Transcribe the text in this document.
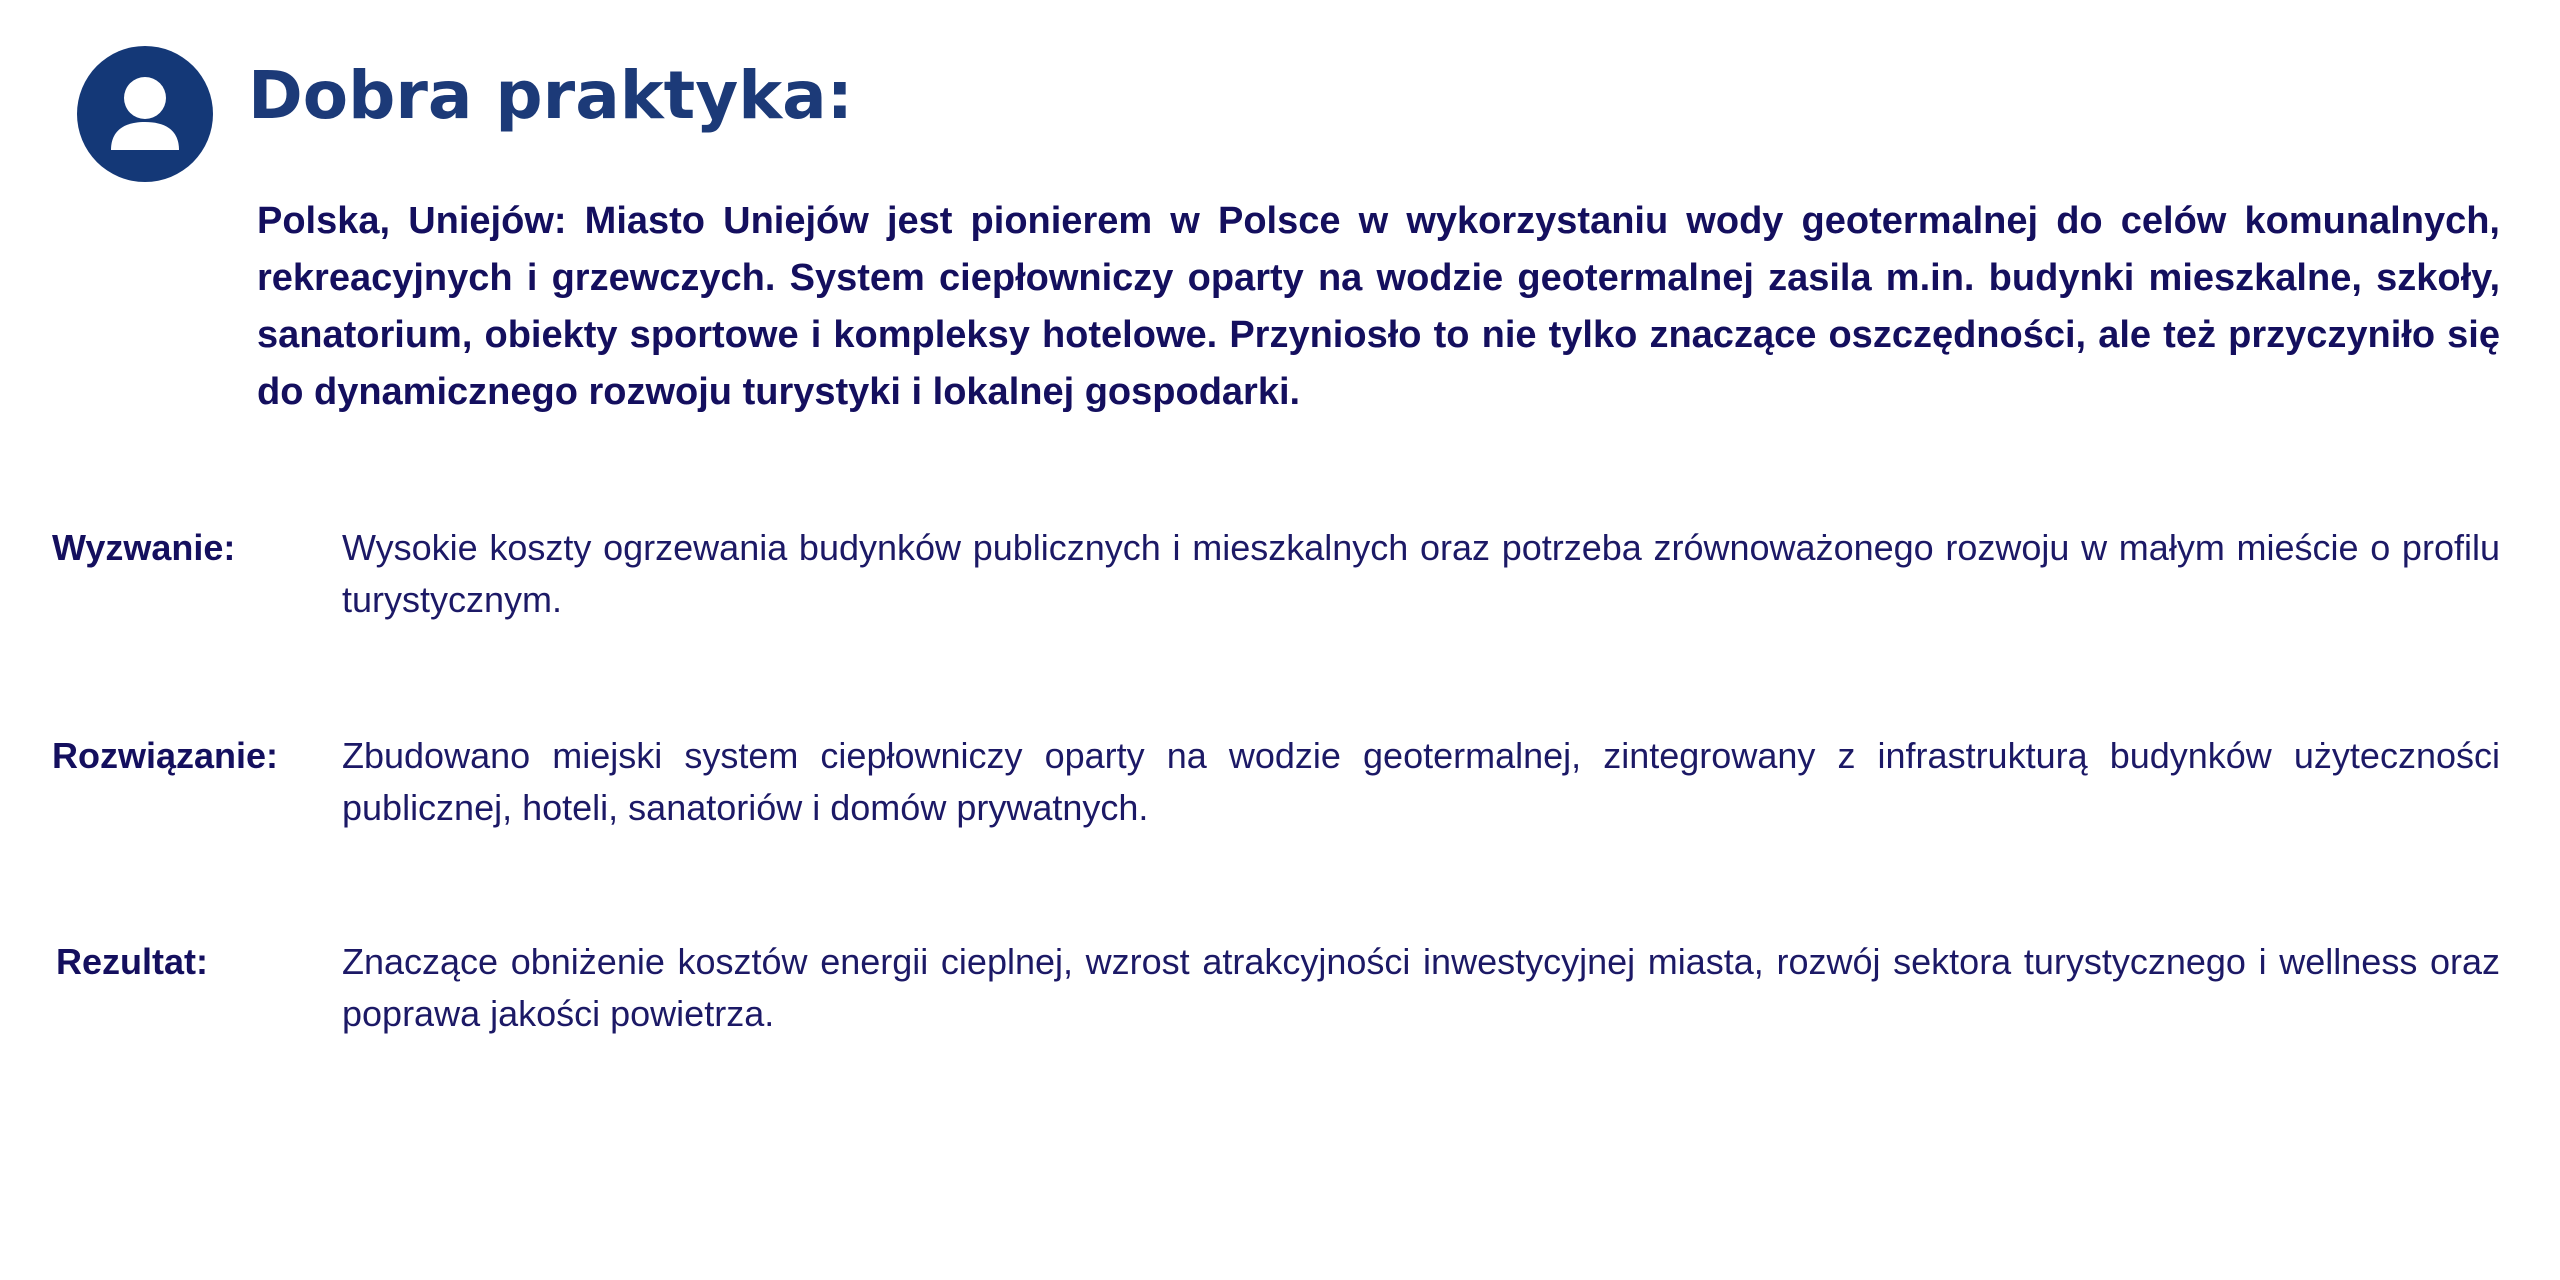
Dobra praktyka:

Polska, Uniejów: Miasto Uniejów jest pionierem w Polsce w wykorzystaniu wody geotermalnej do celów komunalnych, rekreacyjnych i grzewczych. System ciepłowniczy oparty na wodzie geotermalnej zasila m.in. budynki mieszkalne, szkoły, sanatorium, obiekty sportowe i kompleksy hotelowe. Przyniosło to nie tylko znaczące oszczędności, ale też przyczyniło się do dynamicznego rozwoju turystyki i lokalnej gospodarki.

Wyzwanie:	Wysokie koszty ogrzewania budynków publicznych i mieszkalnych oraz potrzeba zrównoważonego rozwoju w małym mieście o profilu turystycznym.

Rozwiązanie: Zbudowano miejski system ciepłowniczy oparty na wodzie geotermalnej, zintegrowany z infrastrukturą budynków użyteczności publicznej, hoteli, sanatoriów i domów prywatnych.

Rezultat:	Znaczące obniżenie kosztów energii cieplnej, wzrost atrakcyjności inwestycyjnej miasta, rozwój sektora turystycznego i wellness oraz poprawa jakości powietrza.
